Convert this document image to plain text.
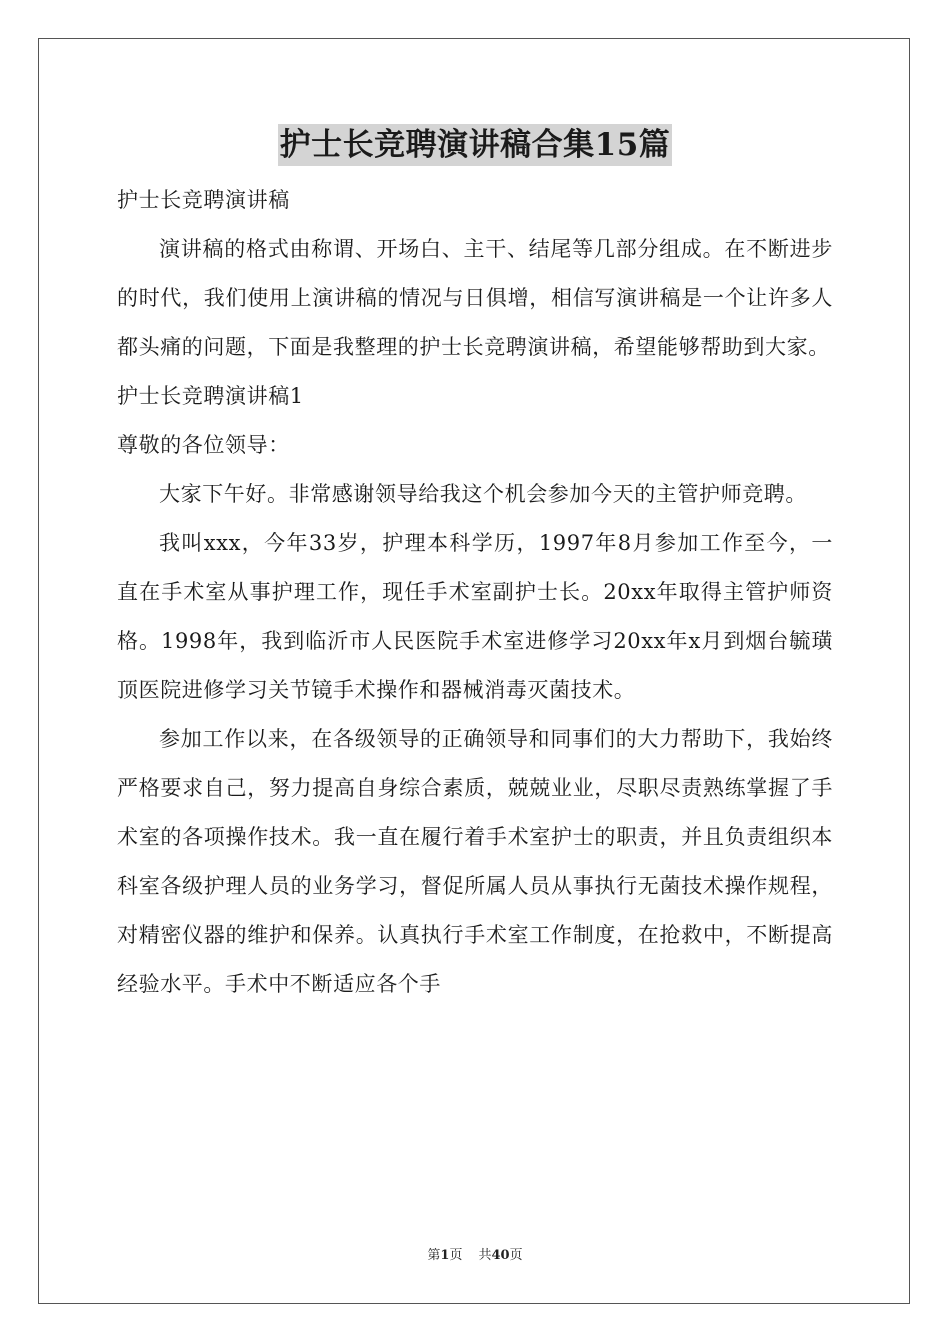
护士长竞聘演讲稿合集15篇

护士长竞聘演讲稿

演讲稿的格式由称谓、开场白、主干、结尾等几部分组成。在不断进步的时代，我们使用上演讲稿的情况与日俱增，相信写演讲稿是一个让许多人都头痛的问题，下面是我整理的护士长竞聘演讲稿，希望能够帮助到大家。

护士长竞聘演讲稿1

尊敬的各位领导：

大家下午好。非常感谢领导给我这个机会参加今天的主管护师竞聘。

我叫xxx，今年33岁，护理本科学历，1997年8月参加工作至今，一直在手术室从事护理工作，现任手术室副护士长。20xx年取得主管护师资格。1998年，我到临沂市人民医院手术室进修学习20xx年x月到烟台毓璜顶医院进修学习关节镜手术操作和器械消毒灭菌技术。

参加工作以来，在各级领导的正确领导和同事们的大力帮助下，我始终严格要求自己，努力提高自身综合素质，兢兢业业，尽职尽责熟练掌握了手术室的各项操作技术。我一直在履行着手术室护士的职责，并且负责组织本科室各级护理人员的业务学习，督促所属人员从事执行无菌技术操作规程，对精密仪器的维护和保养。认真执行手术室工作制度，在抢救中，不断提高经验水平。手术中不断适应各个手

第1页 共40页
